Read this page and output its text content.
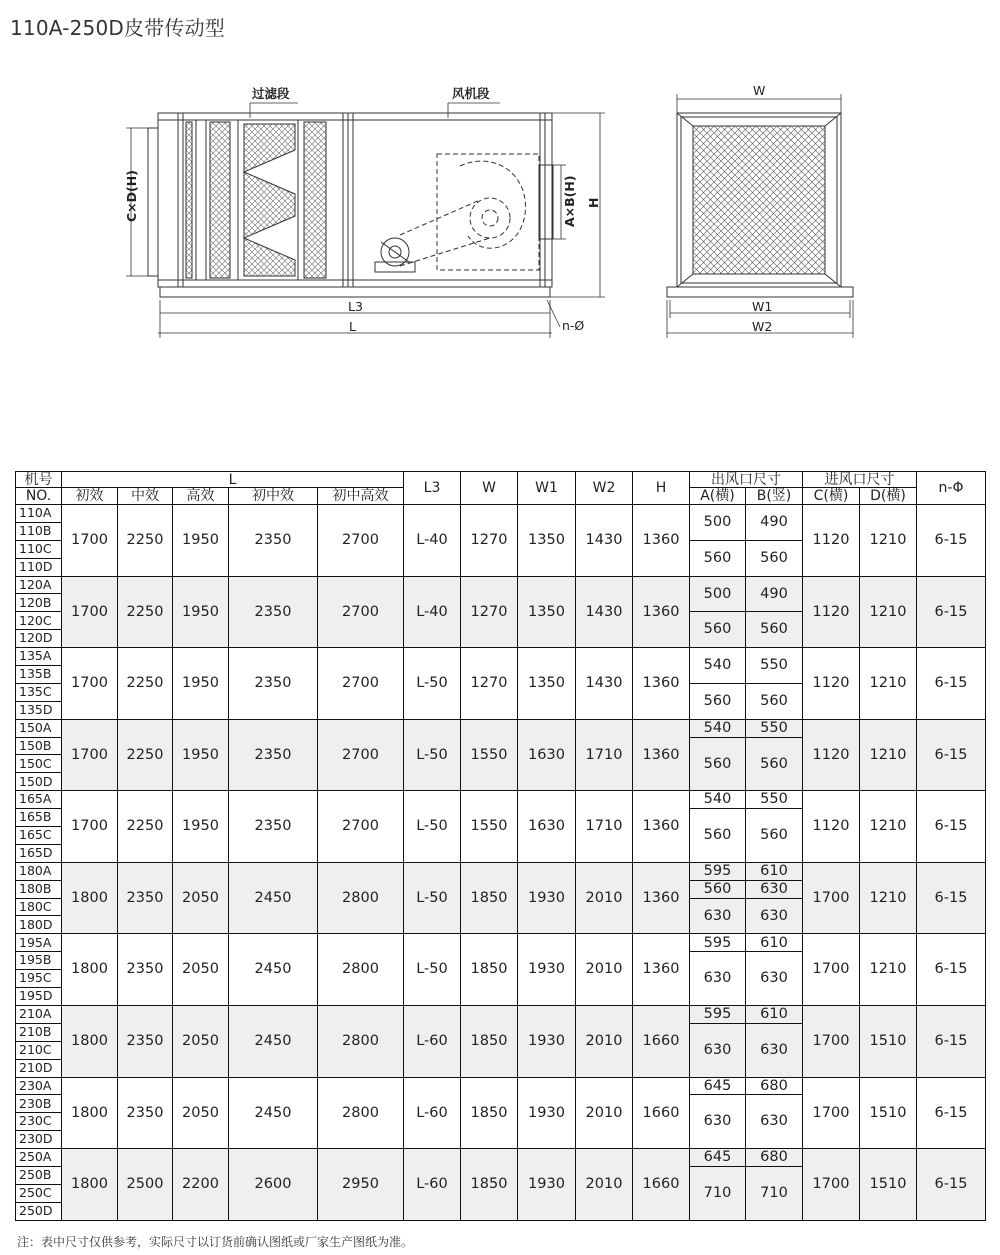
110A-250D皮带传动型
过滤段	风机段
C×D(H)	A×B(H) H
L3
L	n-Ø
W
W1
W2
机号	L					L3	W	W1	W2	H	出风口尺寸		进风口尺寸		n-Φ
NO.	初效	中效	高效	初中效	初中高效						A(横)	B(竖)	C(横)	D(横)	
110A	1700	2250	1950	2350	2700	L-40	1270	1350	1430	1360	500	490	1120	1210	6-15
110B															
110C											560	560			
110D															
120A	1700	2250	1950	2350	2700	L-40	1270	1350	1430	1360	500	490	1120	1210	6-15
120B															
120C											560	560			
120D															
135A	1700	2250	1950	2350	2700	L-50	1270	1350	1430	1360	540	550	1120	1210	6-15
135B															
135C											560	560			
135D															
150A	1700	2250	1950	2350	2700	L-50	1550	1630	1710	1360	540	550	1120	1210	6-15
150B											560	560			
150C															
150D															
165A	1700	2250	1950	2350	2700	L-50	1550	1630	1710	1360	540	550	1120	1210	6-15
165B											560	560			
165C															
165D															
180A	1800	2350	2050	2450	2800	L-50	1850	1930	2010	1360	595	610	1700	1210	6-15
180B											560	630			
180C											630	630			
180D															
195A	1800	2350	2050	2450	2800	L-50	1850	1930	2010	1360	595	610	1700	1210	6-15
195B											630	630			
195C															
195D															
210A	1800	2350	2050	2450	2800	L-60	1850	1930	2010	1660	595	610	1700	1510	6-15
210B											630	630			
210C															
210D															
230A	1800	2350	2050	2450	2800	L-60	1850	1930	2010	1660	645	680	1700	1510	6-15
230B											630	630			
230C															
230D															
250A	1800	2500	2200	2600	2950	L-60	1850	1930	2010	1660	645	680	1700	1510	6-15
250B											710	710			
250C															
250D															
注：表中尺寸仅供参考，实际尺寸以订货前确认图纸或厂家生产图纸为准。
